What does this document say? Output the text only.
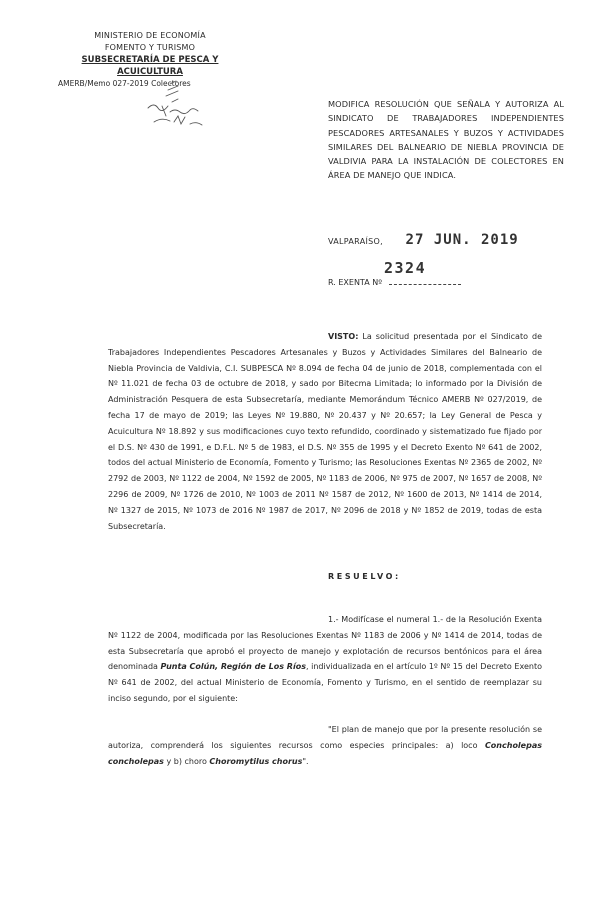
MINISTERIO DE ECONOMÍA
FOMENTO Y TURISMO
SUBSECRETARÍA DE PESCA Y ACUICULTURA
AMERB/Memo 027-2019 Colectores
MODIFICA RESOLUCIÓN QUE SEÑALA Y AUTORIZA AL SINDICATO DE TRABAJADORES INDEPENDIENTES PESCADORES ARTESANALES Y BUZOS Y ACTIVIDADES SIMILARES DEL BALNEARIO DE NIEBLA PROVINCIA DE VALDIVIA PARA LA INSTALACIÓN DE COLECTORES EN ÁREA DE MANEJO QUE INDICA.
VALPARAÍSO, 27 JUN. 2019
R. EXENTA Nº
2324
VISTO: La solicitud presentada por el Sindicato de Trabajadores Independientes Pescadores Artesanales y Buzos y Actividades Similares del Balneario de Niebla Provincia de Valdivia, C.I. SUBPESCA Nº 8.094 de fecha 04 de junio de 2018, complementada con el Nº 11.021 de fecha 03 de octubre de 2018, y sado por Bitecma Limitada; lo informado por la División de Administración Pesquera de esta Subsecretaría, mediante Memorándum Técnico AMERB Nº 027/2019, de fecha 17 de mayo de 2019; las Leyes Nº 19.880, Nº 20.437 y Nº 20.657; la Ley General de Pesca y Acuicultura Nº 18.892 y sus modificaciones cuyo texto refundido, coordinado y sistematizado fue fijado por el D.S. Nº 430 de 1991, e D.F.L. Nº 5 de 1983, el D.S. Nº 355 de 1995 y el Decreto Exento Nº 641 de 2002, todos del actual Ministerio de Economía, Fomento y Turismo; las Resoluciones Exentas Nº 2365 de 2002, Nº 2792 de 2003, Nº 1122 de 2004, Nº 1592 de 2005, Nº 1183 de 2006, Nº 975 de 2007, Nº 1657 de 2008, Nº 2296 de 2009, Nº 1726 de 2010, Nº 1003 de 2011 Nº 1587 de 2012, Nº 1600 de 2013, Nº 1414 de 2014, Nº 1327 de 2015, Nº 1073 de 2016 Nº 1987 de 2017, Nº 2096 de 2018 y Nº 1852 de 2019, todas de esta Subsecretaría.
RESUELVO:
1.- Modifícase el numeral 1.- de la Resolución Exenta Nº 1122 de 2004, modificada por las Resoluciones Exentas Nº 1183 de 2006 y Nº 1414 de 2014, todas de esta Subsecretaría que aprobó el proyecto de manejo y explotación de recursos bentónicos para el área denominada Punta Colún, Región de Los Ríos, individualizada en el artículo 1º Nº 15 del Decreto Exento Nº 641 de 2002, del actual Ministerio de Economía, Fomento y Turismo, en el sentido de reemplazar su inciso segundo, por el siguiente:
"El plan de manejo que por la presente resolución se autoriza, comprenderá los siguientes recursos como especies principales: a) loco Concholepas concholepas y b) choro Choromytilus chorus".
